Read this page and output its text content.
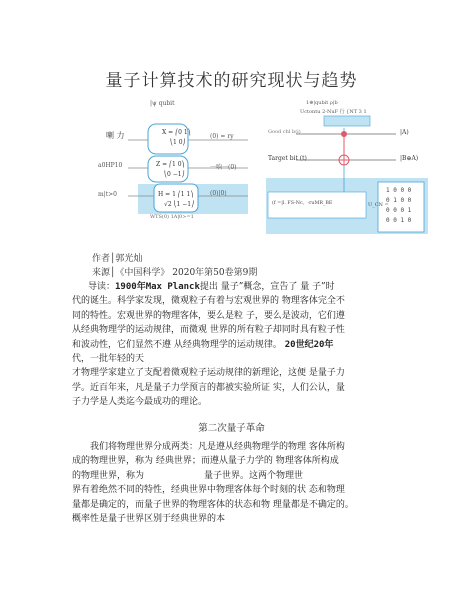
量子计算技术的研究现状与趋势
X = ⎛0 1⎞
⎝1 0⎠
Z = ⎛1 0⎞
⎝0 −1⎠
H = 1 ⎛1 1⎞
√2 ⎝1 −1⎠
|ψ qubit
喇 力
a0HP10
m|t>0
(0) = ry
一响一(0)
(0)|0⟩
WTS(0) 1A|0>=1
1⊕|qubit ρ|b
Uctontu 2-NuF 行 {NT 3 1
Good chl b(i)
Target bit (t)
|A)
|B⊕A)
(f =|l. FS-Nc。-ruMR_BE	U_CN =
1 0 0 0
0 1 0 0
0 0 0 1
0 0 1 0
作者│郭光灿
来源│《中国科学》 2020年第50卷第9期
导读：1900年Max Planck提出 量子”概念，宣告了 量 子”时
代的诞生。科学家发现，微观粒子有着与宏观世界的 物理客体完全不
同的特性。宏观世界的物理客体，要么是粒 子，要么是波动，它们遵
从经典物理学的运动规律，而微观 世界的所有粒子却同时具有粒子性
和波动性，它们显然不遵 从经典物理学的运动规律。 20世纪20年
代，一批年轻的天
才物理学家建立了支配着微观粒子运动规律的新理论，这便 是量子力
学。近百年来，凡是量子力学预言的都被实验所证 实，人们公认，量
子力学是人类迄今最成功的理论。
第二次量子革命
我们将物理世界分成两类：凡是遵从经典物理学的物理 客体所构
成的物理世界，称为 经典世界；而遵从量子力学的 物理客体所构成
的物理世界，称为	量子世界。这两个物理世
界有着绝然不同的特性，经典世界中物理客体每个时刻的状 态和物理
量都是确定的，而量子世界的物理客体的状态和物 理量都是不确定的。
概率性是量子世界区别于经典世界的本
